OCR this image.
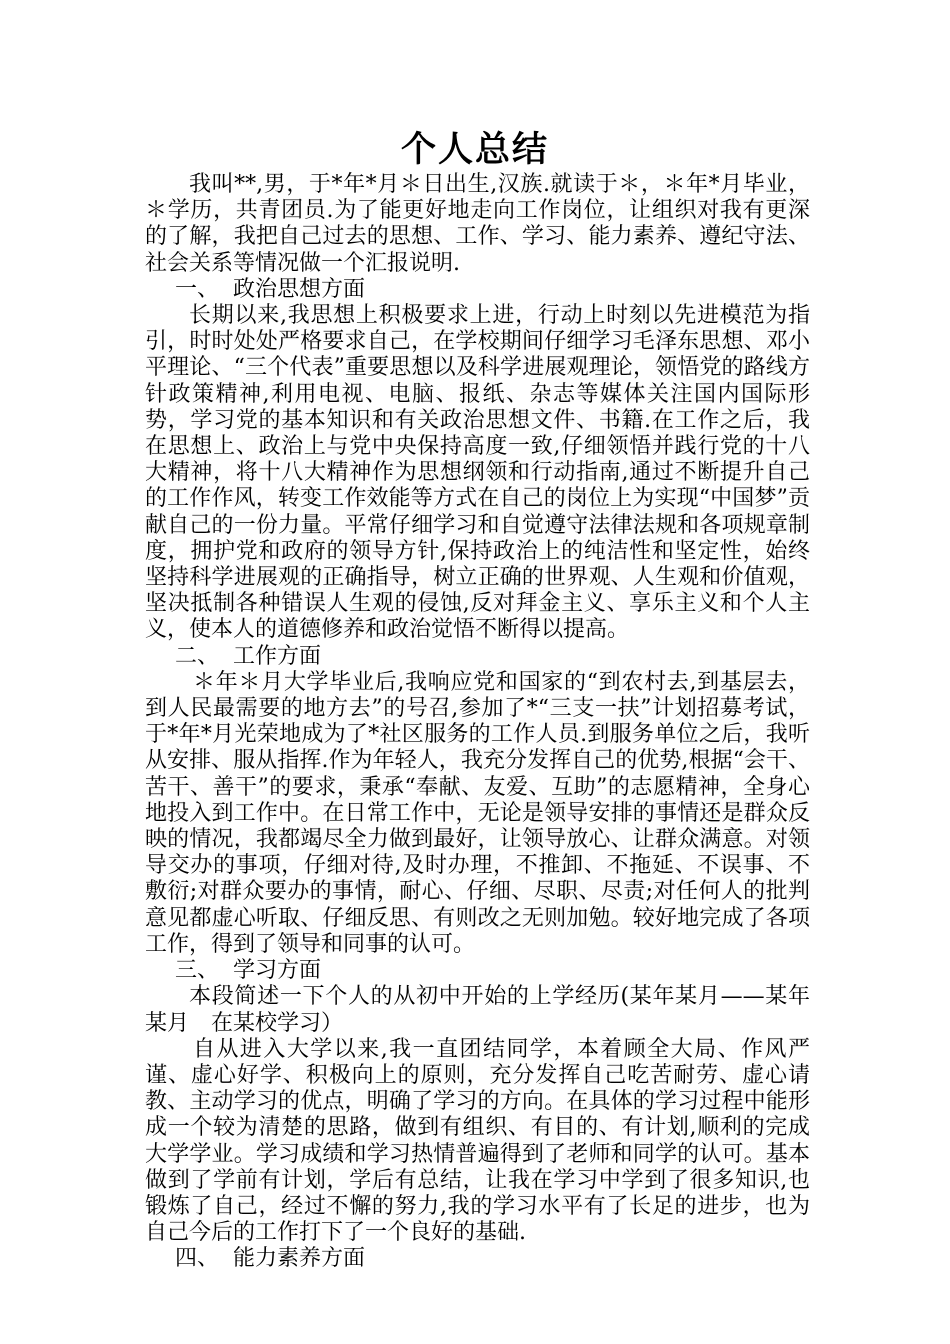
个人总结

我叫**,男，于*年*月＊日出生,汉族.就读于＊，＊年*月毕业，＊学历，共青团员.为了能更好地走向工作岗位，让组织对我有更深的了解，我把自己过去的思想、工作、学习、能力素养、遵纪守法、社会关系等情况做一个汇报说明.

一、 政治思想方面

长期以来,我思想上积极要求上进，行动上时刻以先进模范为指引，时时处处严格要求自己，在学校期间仔细学习毛泽东思想、邓小平理论、“三个代表”重要思想以及科学进展观理论，领悟党的路线方针政策精神,利用电视、电脑、报纸、杂志等媒体关注国内国际形势，学习党的基本知识和有关政治思想文件、书籍.在工作之后，我在思想上、政治上与党中央保持高度一致,仔细领悟并践行党的十八大精神，将十八大精神作为思想纲领和行动指南,通过不断提升自己的工作作风，转变工作效能等方式在自己的岗位上为实现“中国梦”贡献自己的一份力量。平常仔细学习和自觉遵守法律法规和各项规章制度，拥护党和政府的领导方针,保持政治上的纯洁性和坚定性，始终坚持科学进展观的正确指导，树立正确的世界观、人生观和价值观，坚决抵制各种错误人生观的侵蚀,反对拜金主义、享乐主义和个人主义，使本人的道德修养和政治觉悟不断得以提高。

二、 工作方面

＊年＊月大学毕业后,我响应党和国家的“到农村去,到基层去，到人民最需要的地方去”的号召,参加了*“三支一扶”计划招募考试，于*年*月光荣地成为了*社区服务的工作人员.到服务单位之后，我听从安排、服从指挥.作为年轻人，我充分发挥自己的优势,根据“会干、苦干、善干”的要求，秉承“奉献、友爱、互助”的志愿精神，全身心地投入到工作中。在日常工作中，无论是领导安排的事情还是群众反映的情况，我都竭尽全力做到最好，让领导放心、让群众满意。对领导交办的事项，仔细对待,及时办理，不推卸、不拖延、不误事、不敷衍;对群众要办的事情，耐心、仔细、尽职、尽责;对任何人的批判意见都虚心听取、仔细反思、有则改之无则加勉。较好地完成了各项工作，得到了领导和同事的认可。

三、 学习方面

本段简述一下个人的从初中开始的上学经历(某年某月——某年某月　在某校学习）

自从进入大学以来,我一直团结同学，本着顾全大局、作风严谨、虚心好学、积极向上的原则，充分发挥自己吃苦耐劳、虚心请教、主动学习的优点，明确了学习的方向。在具体的学习过程中能形成一个较为清楚的思路，做到有组织、有目的、有计划,顺利的完成大学学业。学习成绩和学习热情普遍得到了老师和同学的认可。基本做到了学前有计划，学后有总结，让我在学习中学到了很多知识,也锻炼了自己，经过不懈的努力,我的学习水平有了长足的进步，也为自己今后的工作打下了一个良好的基础.

四、 能力素养方面
